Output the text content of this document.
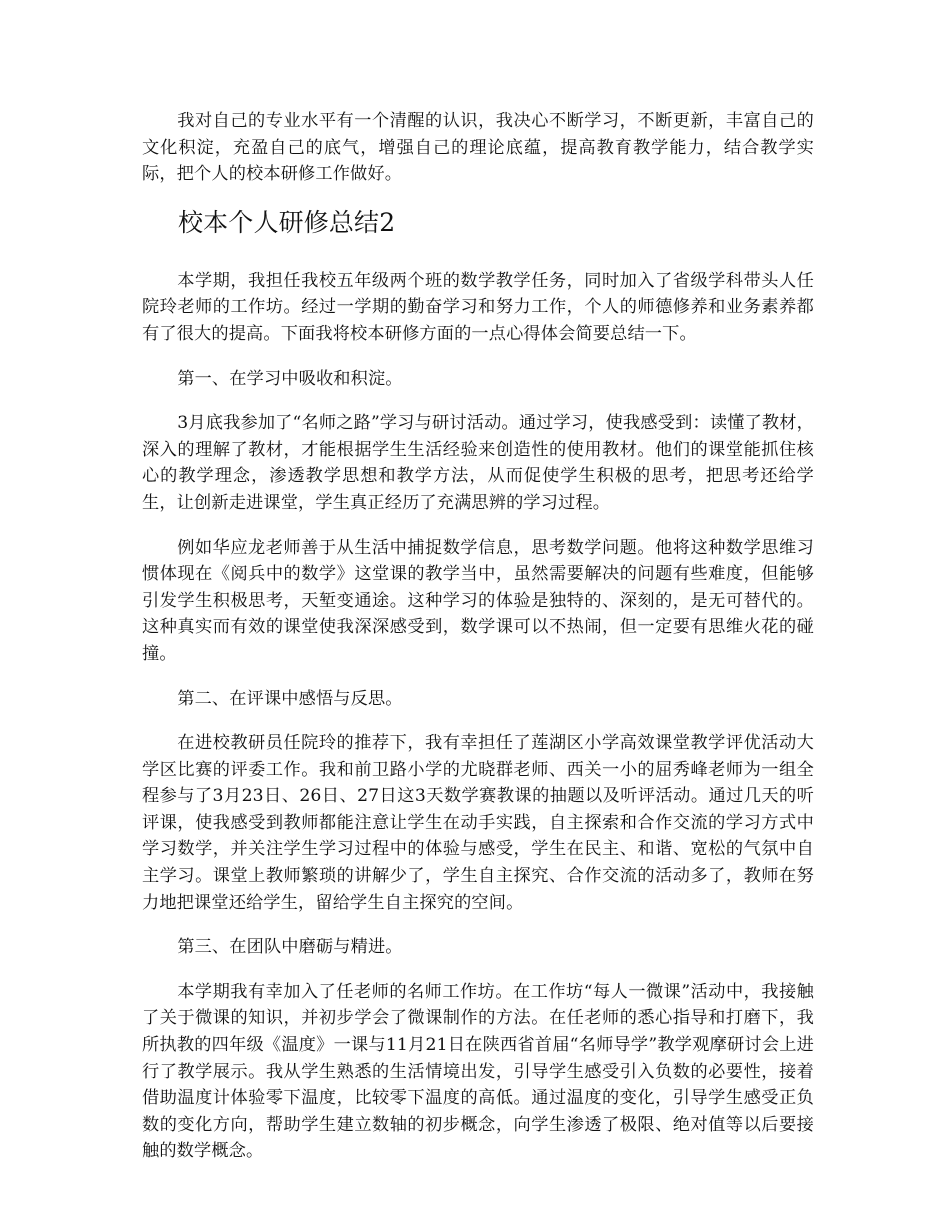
我对自己的专业水平有一个清醒的认识，我决心不断学习，不断更新，丰富自己的文化积淀，充盈自己的底气，增强自己的理论底蕴，提高教育教学能力，结合教学实际，把个人的校本研修工作做好。

校本个人研修总结2

本学期，我担任我校五年级两个班的数学教学任务，同时加入了省级学科带头人任院玲老师的工作坊。经过一学期的勤奋学习和努力工作，个人的师德修养和业务素养都有了很大的提高。下面我将校本研修方面的一点心得体会简要总结一下。

第一、在学习中吸收和积淀。

3月底我参加了“名师之路”学习与研讨活动。通过学习，使我感受到：读懂了教材，深入的理解了教材，才能根据学生生活经验来创造性的使用教材。他们的课堂能抓住核心的教学理念，渗透教学思想和教学方法，从而促使学生积极的思考，把思考还给学生，让创新走进课堂，学生真正经历了充满思辨的学习过程。

例如华应龙老师善于从生活中捕捉数学信息，思考数学问题。他将这种数学思维习惯体现在《阅兵中的数学》这堂课的教学当中，虽然需要解决的问题有些难度，但能够引发学生积极思考，天堑变通途。这种学习的体验是独特的、深刻的，是无可替代的。这种真实而有效的课堂使我深深感受到，数学课可以不热闹，但一定要有思维火花的碰撞。

第二、在评课中感悟与反思。

在进校教研员任院玲的推荐下，我有幸担任了莲湖区小学高效课堂教学评优活动大学区比赛的评委工作。我和前卫路小学的尤晓群老师、西关一小的屈秀峰老师为一组全程参与了3月23日、26日、27日这3天数学赛教课的抽题以及听评活动。通过几天的听评课，使我感受到教师都能注意让学生在动手实践，自主探索和合作交流的学习方式中学习数学，并关注学生学习过程中的体验与感受，学生在民主、和谐、宽松的气氛中自主学习。课堂上教师繁琐的讲解少了，学生自主探究、合作交流的活动多了，教师在努力地把课堂还给学生，留给学生自主探究的空间。

第三、在团队中磨砺与精进。

本学期我有幸加入了任老师的名师工作坊。在工作坊“每人一微课”活动中，我接触了关于微课的知识，并初步学会了微课制作的方法。在任老师的悉心指导和打磨下，我所执教的四年级《温度》一课与11月21日在陕西省首届“名师导学”教学观摩研讨会上进行了教学展示。我从学生熟悉的生活情境出发，引导学生感受引入负数的必要性，接着借助温度计体验零下温度，比较零下温度的高低。通过温度的变化，引导学生感受正负数的变化方向，帮助学生建立数轴的初步概念，向学生渗透了极限、绝对值等以后要接触的数学概念。
